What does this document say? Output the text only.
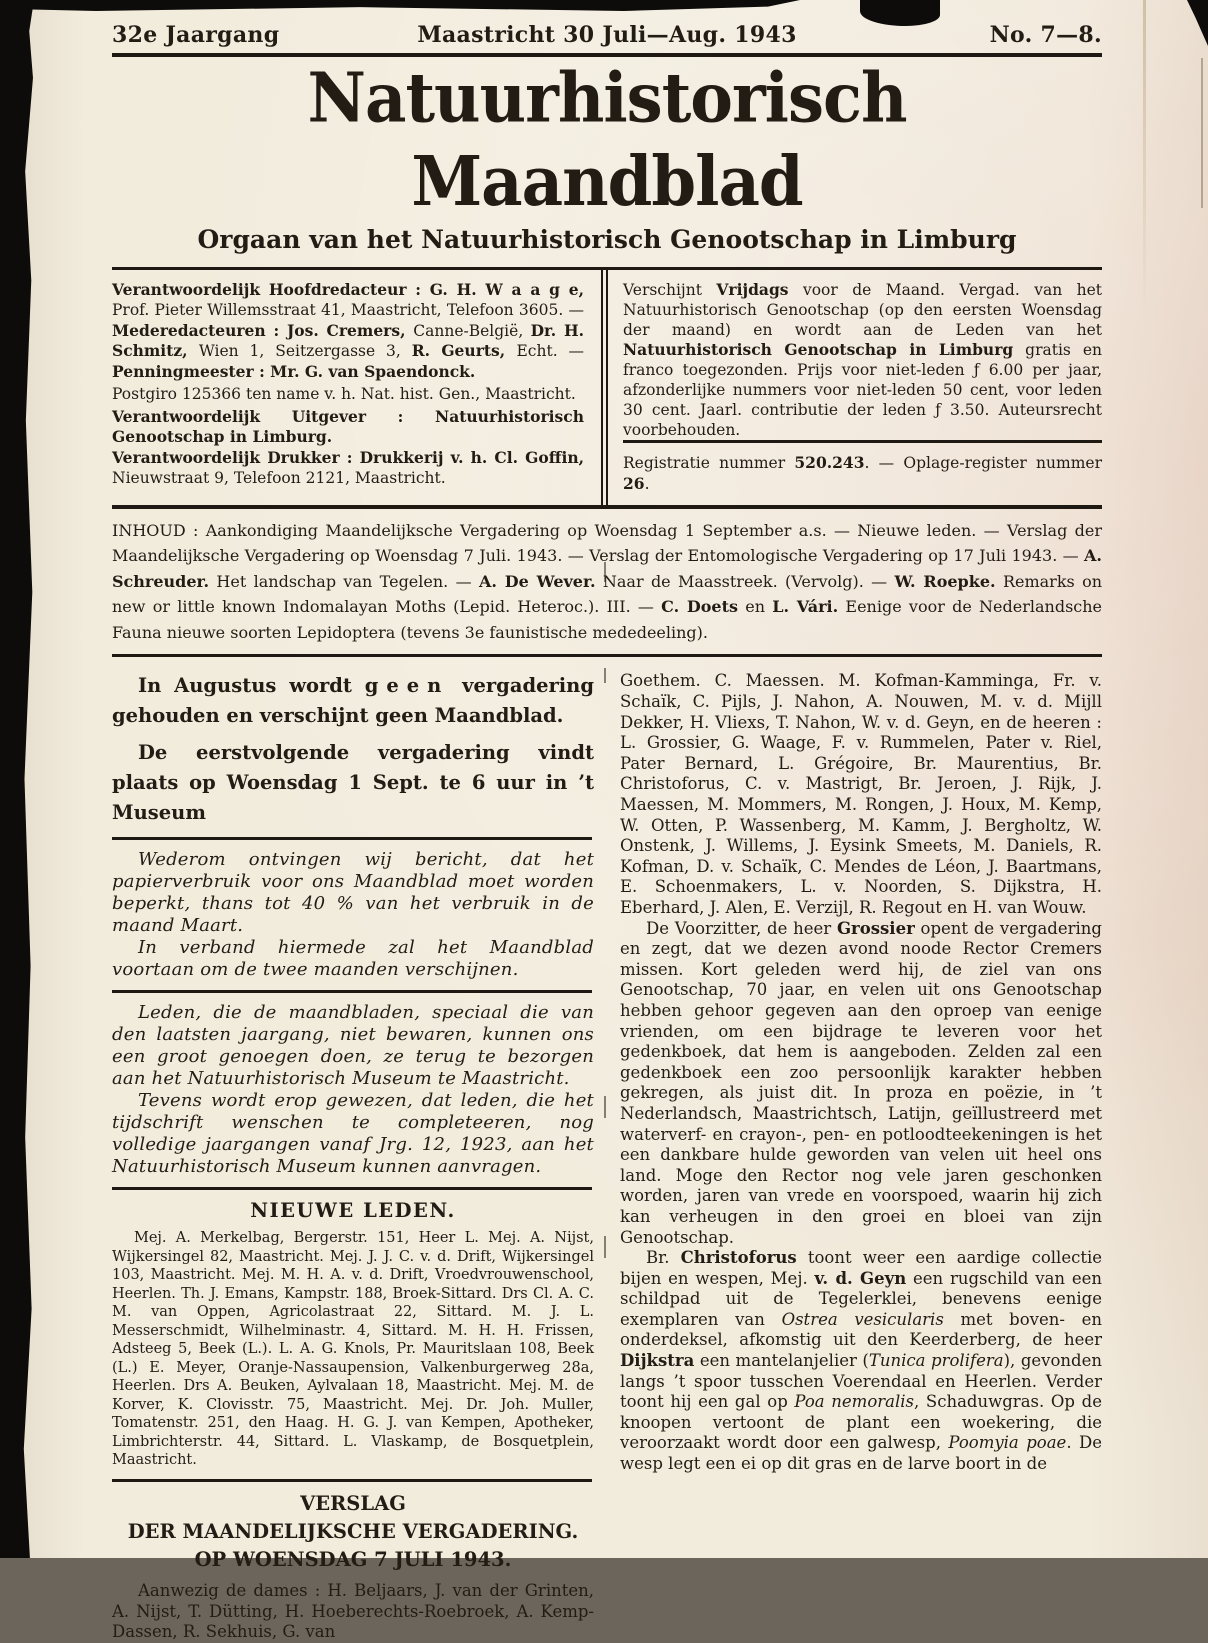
32e Jaargang	Maastricht 30 Juli—Aug. 1943	No. 7—8.
Natuurhistorisch Maandblad
Orgaan van het Natuurhistorisch Genootschap in Limburg

Verantwoordelijk Hoofdredacteur : G. H. W a a g e, Prof. Pieter Willemsstraat 41, Maastricht, Telefoon 3605. — Mederedacteuren : Jos. Cremers, Canne-België, Dr. H. Schmitz, Wien 1, Seitzergasse 3, R. Geurts, Echt. — Penningmeester : Mr. G. van Spaendonck.

Postgiro 125366 ten name v. h. Nat. hist. Gen., Maastricht.

Verantwoordelijk Uitgever : Natuurhistorisch Genootschap in Limburg.

Verantwoordelijk Drukker : Drukkerij v. h. Cl. Goffin, Nieuwstraat 9, Telefoon 2121, Maastricht.

Verschijnt Vrijdags voor de Maand. Vergad. van het Natuurhistorisch Genootschap (op den eersten Woensdag der maand) en wordt aan de Leden van het Natuurhistorisch Genootschap in Limburg gratis en franco toegezonden. Prijs voor niet-leden ƒ 6.00 per jaar, afzonderlijke nummers voor niet-leden 50 cent, voor leden 30 cent. Jaarl. contributie der leden ƒ 3.50. Auteursrecht voorbehouden.

Registratie nummer 520.243. — Oplage-register nummer 26.

INHOUD : Aankondiging Maandelijksche Vergadering op Woensdag 1 September a.s. — Nieuwe leden. — Verslag der Maandelijksche Vergadering op Woensdag 7 Juli. 1943. — Verslag der Entomologische Vergadering op 17 Juli 1943. — A. Schreuder. Het landschap van Tegelen. — A. De Wever. Naar de Maasstreek. (Vervolg). — W. Roepke. Remarks on new or little known Indomalayan Moths (Lepid. Heteroc.). III. — C. Doets en L. Vári. Eenige voor de Nederlandsche Fauna nieuwe soorten Lepidoptera (tevens 3e faunistische mededeeling).

In Augustus wordt geen vergadering gehouden en verschijnt geen Maandblad.

De eerstvolgende vergadering vindt plaats op Woensdag 1 Sept. te 6 uur in ’t Museum

Wederom ontvingen wij bericht, dat het papierverbruik voor ons Maandblad moet worden beperkt, thans tot 40 % van het verbruik in de maand Maart.

In verband hiermede zal het Maandblad voortaan om de twee maanden verschijnen.

Leden, die de maandbladen, speciaal die van den laatsten jaargang, niet bewaren, kunnen ons een groot genoegen doen, ze terug te bezorgen aan het Natuurhistorisch Museum te Maastricht.

Tevens wordt erop gewezen, dat leden, die het tijdschrift wenschen te completeeren, nog volledige jaargangen vanaf Jrg. 12, 1923, aan het Natuurhistorisch Museum kunnen aanvragen.

NIEUWE LEDEN.

Mej. A. Merkelbag, Bergerstr. 151, Heer L. Mej. A. Nijst, Wijkersingel 82, Maastricht. Mej. J. J. C. v. d. Drift, Wijkersingel 103, Maastricht. Mej. M. H. A. v. d. Drift, Vroedvrouwenschool, Heerlen. Th. J. Emans, Kampstr. 188, Broek-Sittard. Drs Cl. A. C. M. van Oppen, Agricolastraat 22, Sittard. M. J. L. Messerschmidt, Wilhelminastr. 4, Sittard. M. H. H. Frissen, Adsteeg 5, Beek (L.). L. A. G. Knols, Pr. Mauritslaan 108, Beek (L.) E. Meyer, Oranje-Nassaupension, Valkenburgerweg 28a, Heerlen. Drs A. Beuken, Aylvalaan 18, Maastricht. Mej. M. de Korver, K. Clovisstr. 75, Maastricht. Mej. Dr. Joh. Muller, Tomatenstr. 251, den Haag. H. G. J. van Kempen, Apotheker, Limbrichterstr. 44, Sittard. L. Vlaskamp, de Bosquetplein, Maastricht.

VERSLAG
DER MAANDELIJKSCHE VERGADERING.
OP WOENSDAG 7 JULI 1943.

Aanwezig de dames : H. Beljaars, J. van der Grinten, A. Nijst, T. Dütting, H. Hoeberechts-Roebroek, A. Kemp-Dassen, R. Sekhuis, G. van

Goethem. C. Maessen. M. Kofman-Kamminga, Fr. v. Schaïk, C. Pijls, J. Nahon, A. Nouwen, M. v. d. Mijll Dekker, H. Vliexs, T. Nahon, W. v. d. Geyn, en de heeren : L. Grossier, G. Waage, F. v. Rummelen, Pater v. Riel, Pater Bernard, L. Grégoire, Br. Maurentius, Br. Christoforus, C. v. Mastrigt, Br. Jeroen, J. Rijk, J. Maessen, M. Mommers, M. Rongen, J. Houx, M. Kemp, W. Otten, P. Wassenberg, M. Kamm, J. Bergholtz, W. Onstenk, J. Willems, J. Eysink Smeets, M. Daniels, R. Kofman, D. v. Schaïk, C. Mendes de Léon, J. Baartmans, E. Schoenmakers, L. v. Noorden, S. Dijkstra, H. Eberhard, J. Alen, E. Verzijl, R. Regout en H. van Wouw.

De Voorzitter, de heer Grossier opent de vergadering en zegt, dat we dezen avond noode Rector Cremers missen. Kort geleden werd hij, de ziel van ons Genootschap, 70 jaar, en velen uit ons Genootschap hebben gehoor gegeven aan den oproep van eenige vrienden, om een bijdrage te leveren voor het gedenkboek, dat hem is aangeboden. Zelden zal een gedenkboek een zoo persoonlijk karakter hebben gekregen, als juist dit. In proza en poëzie, in ’t Nederlandsch, Maastrichtsch, Latijn, geïllustreerd met waterverf- en crayon-, pen- en potloodteekeningen is het een dankbare hulde geworden van velen uit heel ons land. Moge den Rector nog vele jaren geschonken worden, jaren van vrede en voorspoed, waarin hij zich kan verheugen in den groei en bloei van zijn Genootschap.

Br. Christoforus toont weer een aardige collectie bijen en wespen, Mej. v. d. Geyn een rugschild van een schildpad uit de Tegelerklei, benevens eenige exemplaren van Ostrea vesicularis met boven- en onderdeksel, afkomstig uit den Keerderberg, de heer Dijkstra een mantelanjelier (Tunica prolifera), gevonden langs ’t spoor tusschen Voerendaal en Heerlen. Verder toont hij een gal op Poa nemoralis, Schaduwgras. Op de knoopen vertoont de plant een woekering, die veroorzaakt wordt door een galwesp, Poomyia poae. De wesp legt een ei op dit gras en de larve boort in de
